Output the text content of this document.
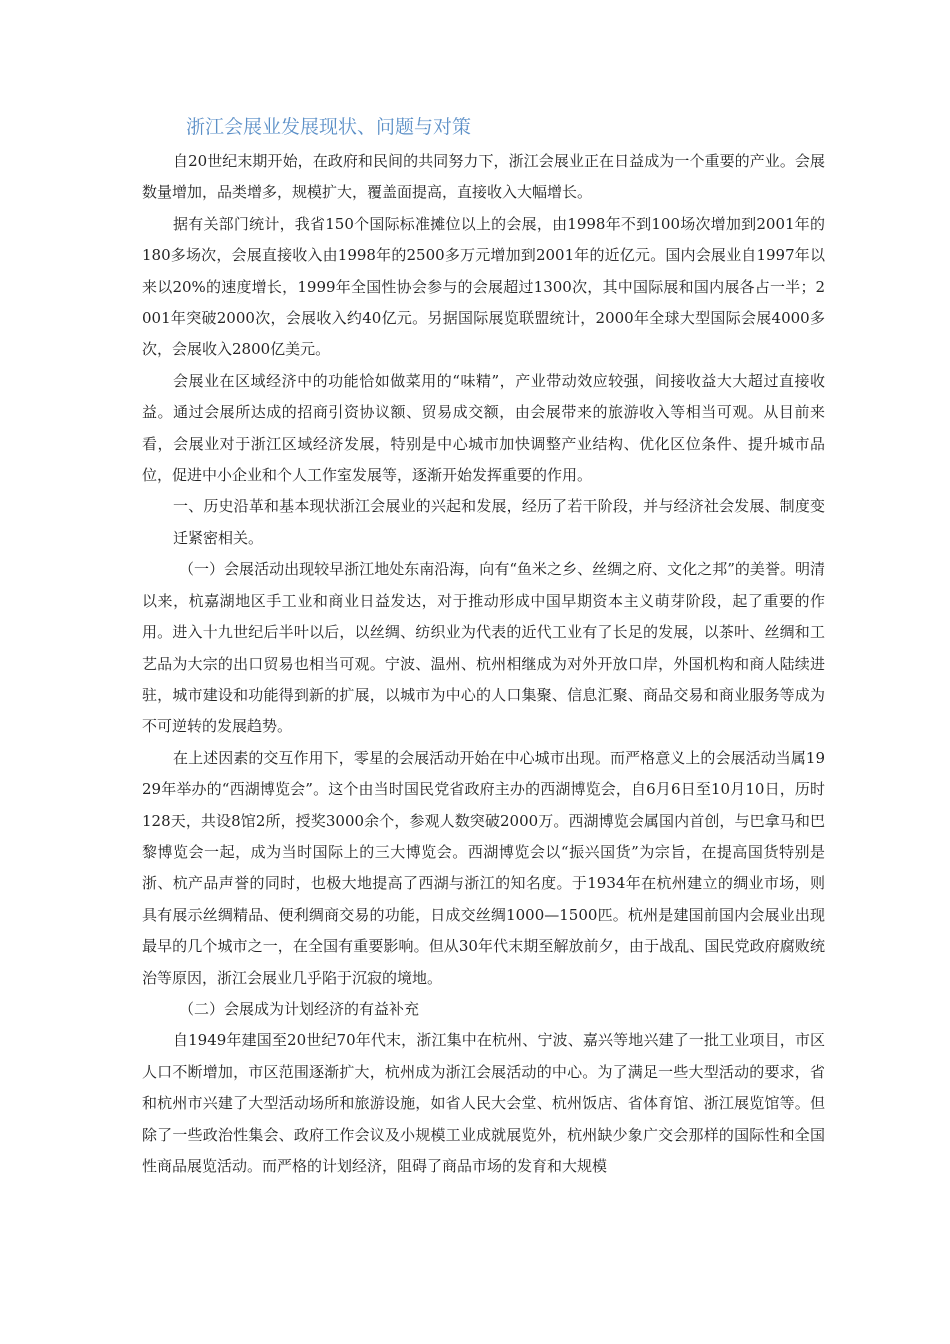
浙江会展业发展现状、问题与对策

自20世纪末期开始，在政府和民间的共同努力下，浙江会展业正在日益成为一个重要的产业。会展数量增加，品类增多，规模扩大，覆盖面提高，直接收入大幅增长。

据有关部门统计，我省150个国际标准摊位以上的会展，由1998年不到100场次增加到2001年的180多场次，会展直接收入由1998年的2500多万元增加到2001年的近亿元。国内会展业自1997年以来以20%的速度增长，1999年全国性协会参与的会展超过1300次，其中国际展和国内展各占一半；2001年突破2000次，会展收入约40亿元。另据国际展览联盟统计，2000年全球大型国际会展4000多次，会展收入2800亿美元。

会展业在区域经济中的功能恰如做菜用的“味精”，产业带动效应较强，间接收益大大超过直接收益。通过会展所达成的招商引资协议额、贸易成交额，由会展带来的旅游收入等相当可观。从目前来看，会展业对于浙江区域经济发展，特别是中心城市加快调整产业结构、优化区位条件、提升城市品位，促进中小企业和个人工作室发展等，逐渐开始发挥重要的作用。

一、历史沿革和基本现状浙江会展业的兴起和发展，经历了若干阶段，并与经济社会发展、制度变迁紧密相关。

（一）会展活动出现较早浙江地处东南沿海，向有“鱼米之乡、丝绸之府、文化之邦”的美誉。明清以来，杭嘉湖地区手工业和商业日益发达，对于推动形成中国早期资本主义萌芽阶段，起了重要的作用。进入十九世纪后半叶以后，以丝绸、纺织业为代表的近代工业有了长足的发展，以茶叶、丝绸和工艺品为大宗的出口贸易也相当可观。宁波、温州、杭州相继成为对外开放口岸，外国机构和商人陆续进驻，城市建设和功能得到新的扩展，以城市为中心的人口集聚、信息汇聚、商品交易和商业服务等成为不可逆转的发展趋势。

在上述因素的交互作用下，零星的会展活动开始在中心城市出现。而严格意义上的会展活动当属1929年举办的“西湖博览会”。这个由当时国民党省政府主办的西湖博览会，自6月6日至10月10日，历时128天，共设8馆2所，授奖3000余个，参观人数突破2000万。西湖博览会属国内首创，与巴拿马和巴黎博览会一起，成为当时国际上的三大博览会。西湖博览会以“振兴国货”为宗旨，在提高国货特别是浙、杭产品声誉的同时，也极大地提高了西湖与浙江的知名度。于1934年在杭州建立的绸业市场，则具有展示丝绸精品、便利绸商交易的功能，日成交丝绸1000—1500匹。杭州是建国前国内会展业出现最早的几个城市之一，在全国有重要影响。但从30年代末期至解放前夕，由于战乱、国民党政府腐败统治等原因，浙江会展业几乎陷于沉寂的境地。

（二）会展成为计划经济的有益补充

自1949年建国至20世纪70年代末，浙江集中在杭州、宁波、嘉兴等地兴建了一批工业项目，市区人口不断增加，市区范围逐渐扩大，杭州成为浙江会展活动的中心。为了满足一些大型活动的要求，省和杭州市兴建了大型活动场所和旅游设施，如省人民大会堂、杭州饭店、省体育馆、浙江展览馆等。但除了一些政治性集会、政府工作会议及小规模工业成就展览外，杭州缺少象广交会那样的国际性和全国性商品展览活动。而严格的计划经济，阻碍了商品市场的发育和大规模
